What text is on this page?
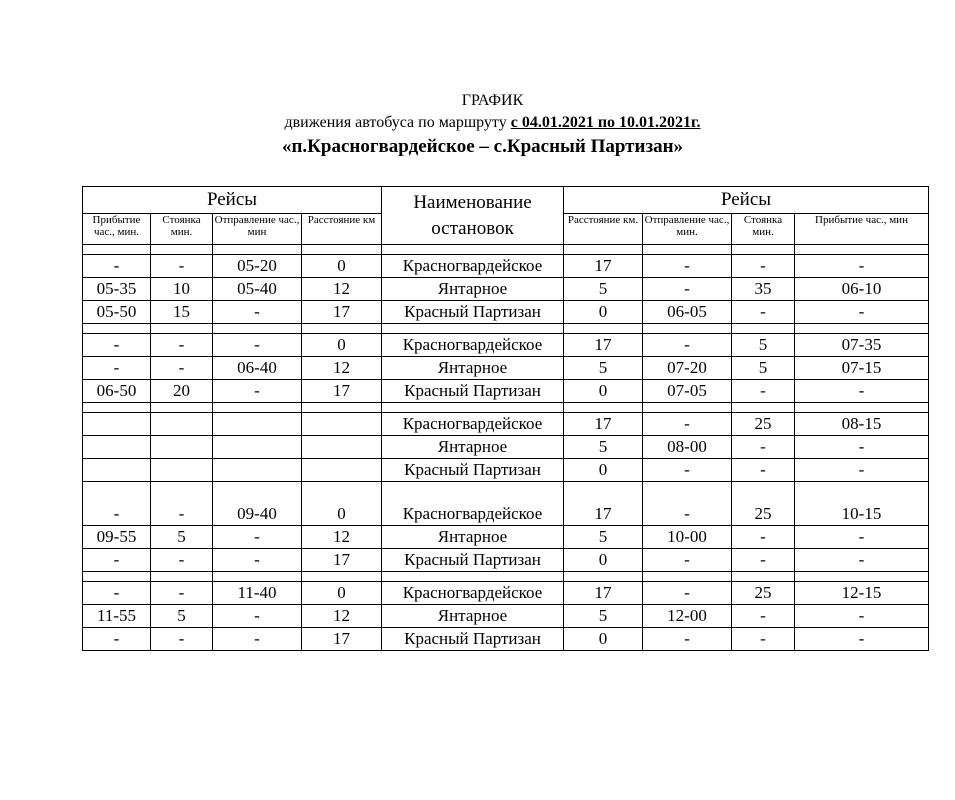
ГРАФИК
движения автобуса по маршруту с 04.01.2021 по 10.01.2021г.
«п.Красногвардейское – с.Красный Партизан»
Рейсы				Наименование остановок	Рейсы			
Прибытие час., мин.	Стоянка мин.	Отправление час., мин	Расстояние км		Расстояние км.	Отправление час., мин.	Стоянка мин.	Прибытие час., мин

-	-	05-20	0	Красногвардейское	17	-	-	-
05-35	10	05-40	12	Янтарное	5	-	35	06-10
05-50	15	-	17	Красный Партизан	0	06-05	-	-

-	-	-	0	Красногвардейское	17	-	5	07-35
-	-	06-40	12	Янтарное	5	07-20	5	07-15
06-50	20	-	17	Красный Партизан	0	07-05	-	-

				Красногвардейское	17	-	25	08-15
				Янтарное	5	08-00	-	-
				Красный Партизан	0	-	-	-
-	-	09-40	0	Красногвардейское	17	-	25	10-15
09-55	5	-	12	Янтарное	5	10-00	-	-
-	-	-	17	Красный Партизан	0	-	-	-

-	-	11-40	0	Красногвардейское	17	-	25	12-15
11-55	5	-	12	Янтарное	5	12-00	-	-
-	-	-	17	Красный Партизан	0	-	-	-
